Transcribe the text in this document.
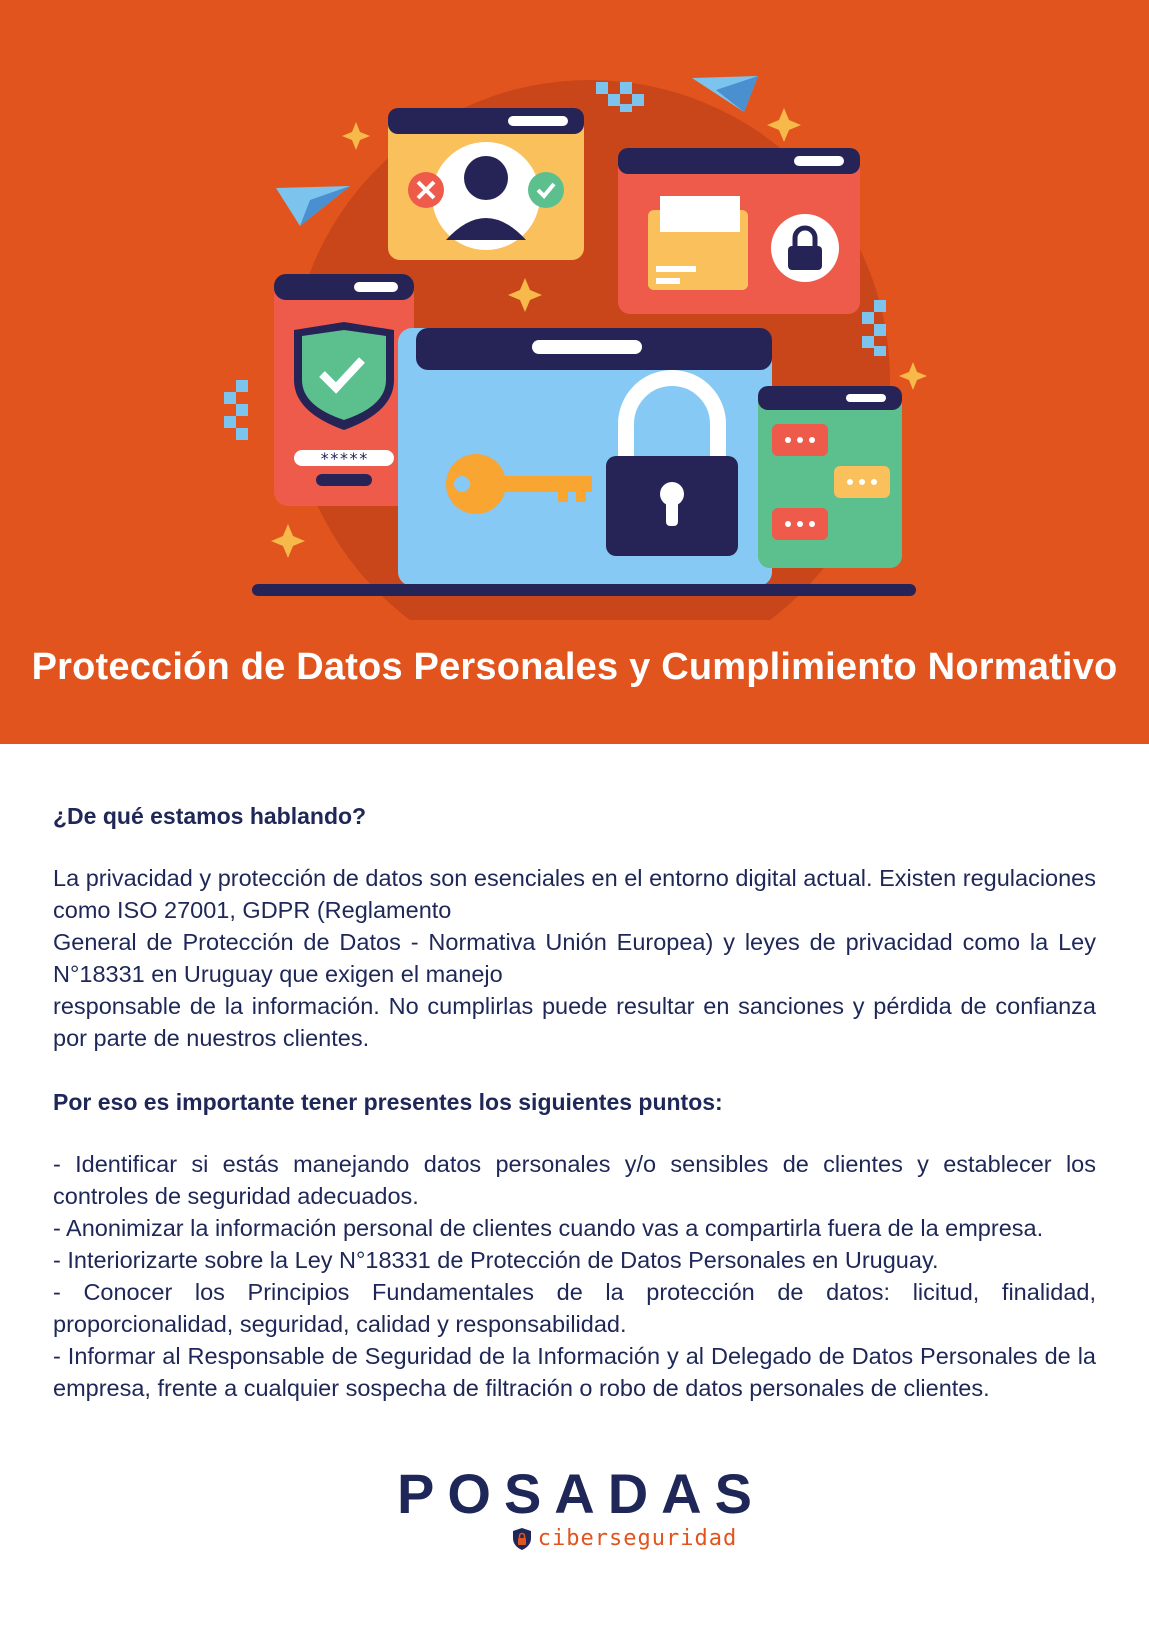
*****
Protección de Datos Personales y Cumplimiento Normativo

¿De qué estamos hablando?

La privacidad y protección de datos son esenciales en el entorno digital actual. Existen regulaciones como ISO 27001, GDPR (Reglamento
General de Protección de Datos - Normativa Unión Europea) y leyes de privacidad como la Ley N°18331 en Uruguay que exigen el manejo
responsable de la información. No cumplirlas puede resultar en sanciones y pérdida de confianza por parte de nuestros clientes.

Por eso es importante tener presentes los siguientes puntos:

- Identificar si estás manejando datos personales y/o sensibles de clientes y establecer los controles de seguridad adecuados.

- Anonimizar la información personal de clientes cuando vas a compartirla fuera de la empresa.

- Interiorizarte sobre la Ley N°18331 de Protección de Datos Personales en Uruguay.

- Conocer los Principios Fundamentales de la protección de datos: licitud, finalidad, proporcionalidad, seguridad, calidad y responsabilidad.

- Informar al Responsable de Seguridad de la Información y al Delegado de Datos Personales de la empresa, frente a cualquier sospecha de filtración o robo de datos personales de clientes.

POSADAS
ciberseguridad
